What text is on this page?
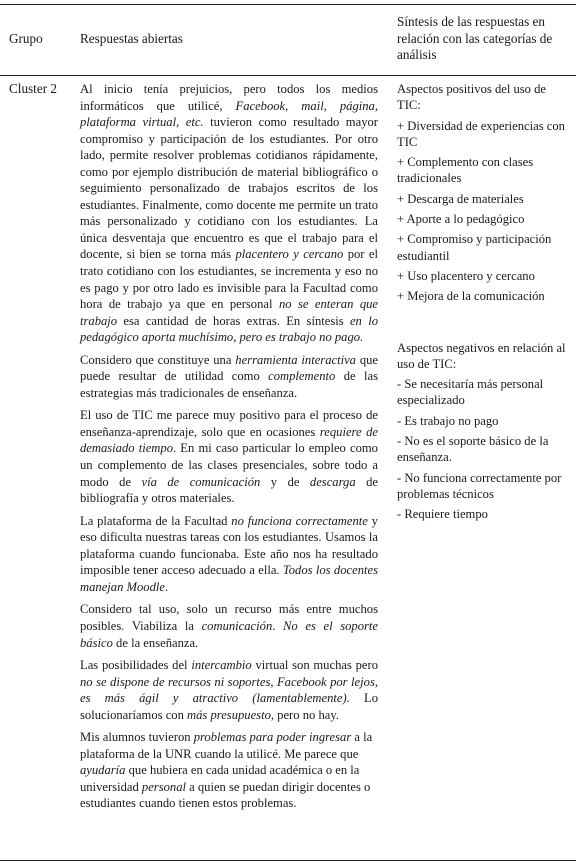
Grupo	Respuestas abiertas
Síntesis de las respuestas en relación con las categorías de análisis
Cluster 2 Al inicio tenía prejuicios, pero todos los medios informáticos que utilicé, Facebook, mail, página, plataforma virtual, etc. tuvieron como resultado mayor compromiso y participación de los estudiantes. Por otro lado, permite resolver problemas cotidianos rápidamente, como por ejemplo distribución de material bibliográfico o seguimiento personalizado de trabajos escritos de los estudiantes. Finalmente, como docente me permite un trato más personalizado y cotidiano con los estudiantes. La única desventaja que encuentro es que el trabajo para el docente, si bien se torna más placentero y cercano por el trato cotidiano con los estudiantes, se incrementa y eso no es pago y por otro lado es invisible para la Facultad como hora de trabajo ya que en personal no se enteran que trabajo esa cantidad de horas extras. En síntesis en lo pedagógico aporta muchísimo, pero es trabajo no pago.

Considero que constituye una herramienta interactiva que puede resultar de utilidad como complemento de las estrategias más tradicionales de enseñanza.

El uso de TIC me parece muy positivo para el proceso de enseñanza-aprendizaje, solo que en ocasiones requiere de demasiado tiempo. En mi caso particular lo empleo como un complemento de las clases presenciales, sobre todo a modo de vía de comunicación y de descarga de bibliografía y otros materiales.

La plataforma de la Facultad no funciona correctamente y eso dificulta nuestras tareas con los estudiantes. Usamos la plataforma cuando funcionaba. Este año nos ha resultado imposible tener acceso adecuado a ella. Todos los docentes manejan Moodle.

Considero tal uso, solo un recurso más entre muchos posibles. Viabiliza la comunicación. No es el soporte básico de la enseñanza.

Las posibilidades del intercambio virtual son muchas pero no se dispone de recursos ni soportes, Facebook por lejos, es más ágil y atractivo (lamentablemente). Lo solucionaríamos con más presupuesto, pero no hay.

Mis alumnos tuvieron problemas para poder ingresar a la plataforma de la UNR cuando la utilicé. Me parece que ayudaría que hubiera en cada unidad académica o en la universidad personal a quien se puedan dirigir docentes o estudiantes cuando tienen estos problemas.

Aspectos positivos del uso de TIC:
+ Diversidad de experiencias con TIC
+ Complemento con clases tradicionales
+ Descarga de materiales
+ Aporte a lo pedagógico
+ Compromiso y participación estudiantil
+ Uso placentero y cercano
+ Mejora de la comunicación
Aspectos negativos en relación al uso de TIC:
- Se necesitaría más personal especializado
- Es trabajo no pago
- No es el soporte básico de la enseñanza.
- No funciona correctamente por problemas técnicos
- Requiere tiempo
